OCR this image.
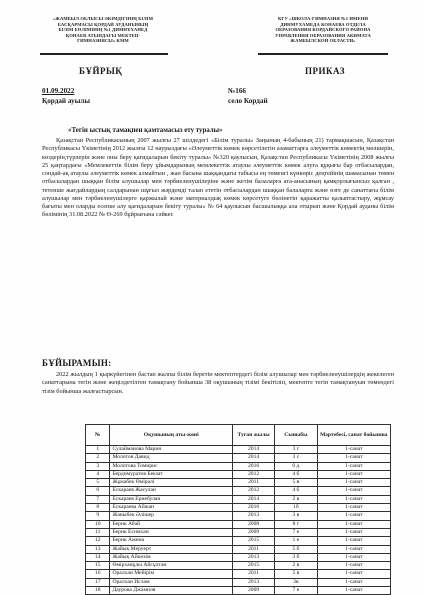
«ЖАМБЫЛ ОБЛЫСЫ ӘКІМДІГІНІҢ БІЛІМ
БАСҚАРМАСЫ ҚОРДАЙ АУДАНЫНЫҢ
БІЛІМ БӨЛІМІНІҢ №1 ДИМНҰХАНЕД
ҚОНАЕВ АТЫНДАҒЫ МЕКТЕП-
ГИМНАЗИЯСЫ» КММ
КГУ «ШКОЛА-ГИМНАЗИЯ №1 ИМЕНИ
ДИНМУХАМЕДА КОНАЕВА ОТДЕЛА
ОБРАЗОВАНИЯ КОРДАЙСКОГО РАЙОНА
УПРАВЛЕНИЯ ОБРАЗОВАНИЯ АКИМАТА
ЖАМБЫЛСКОЙ ОБЛАСТИ»
БҰЙРЫҚ	ПРИКАЗ
01.09.2022	№166
Қордай ауылы	село Кордай
«Тегін ыстық тамақпен қамтамасыз ету туралы»
Қазақстан Республикасының 2007 жылғы 27 шілдедегі «Білім туралы» Заңының 4-бабының 21) тармақшасын, Қазақстан Республикасы Үкіметінің 2012 жылғы 12 наурыздағы «Әлеуметтік көмек көрсетілетін азаматтарға әлеуметтік көмектің мөлшерін, көздерін,түрлерін және оны беру қағидаларын бекіту туралы» №320 қаулысын, Қазақстан Республикасы Үкіметінің 2008 жылғы 25 қаңтардағы «Мемлекеттік білім беру ұйымдарының мемлекеттік атаулы әлеуметтік көмек алуға құқығы бар отбасылардан, сондай-ақ атаулы әлеуметтік көмек алмайтын , жан басына шаққандағы табысы ең төменгі күнкөріс деңгейінің шамасынан төмен отбасылардан шыққан білім алушылар мен тәрбиеленушілеріне және жетім балаларға ата-анасының қамқорлығынсыз қалған , тетенше жағдайлардың салдарынан шұғыл жәрдемді талап ететін отбасылардан шыққан балаларға және өзге де санаттағы білім алушылар мен тәрбиеленушілерге қаржылай және материалдық көмек көрсетуге бөлінетін қаражатты қалыптастыру, жұмсау бағыты мен оларды есепке алу қағидаларын бекіту туралы» № 64 қаулысын басшылыққа ала отырып және Қордай ауданы білім бөлімінің 31.08.2022 № Ө-269 бұйрығына сәйкес
БҰЙЫРАМЫН:
2022 жылдың 1 қыркүйегінен бастап жалпы білім беретін мектептердегі білім алушылар мен тәрбиеленушілердің жекелеген санаттарына тегін және жеңілдетілген тамақтану бойынша 38 оқушының тізімі бекітіліп, мектепте тегін тамақтануын төмендегі тізім бойынша жалғастырсын.
№	Оқушының аты-жөні	Туған жылы	Сыныбы	Мәртебесі, санат бойынша
1	Сулайманова Мария	2014	3 г	1-санат
2	Молотов Давид	2014	3 с	1-санат
3	Молотова Томирис	2016	0 д	1-санат
4	Бердимуратов Бекзат	2012	4 б	1-санат
5	Жұмабек Өмірәлі	2011	5 в	1-санат
6	Ескараев Жасулан	2012	4 б	1-санат
7	Ескараев Ернебулан	2014	2 в	1-санат
8	Ескараева Айжан	2016	1б	1-санат
9	Жаныбек Әлішер	2013	3 в	1-санат
10	Берик Абай	2008	8 г	1-санат
11	Берик Есимхан	2009	7 е	1-санат
12	Берик Амина	2015	1 е	1-санат
13	Жайық Меруерт	2011	5 б	1-санат
14	Жайық Айкөзім	2013	3 б	1-санат
15	Өмірханұлы Айсұлтан	2015	2 в	1-санат
16	Оралхан Мейірім	2011	5 в	1-санат
17	Оралхан Ислам	2013	3в	1-санат
18	Даурова Джамиля	2009	7 е	1-санат
